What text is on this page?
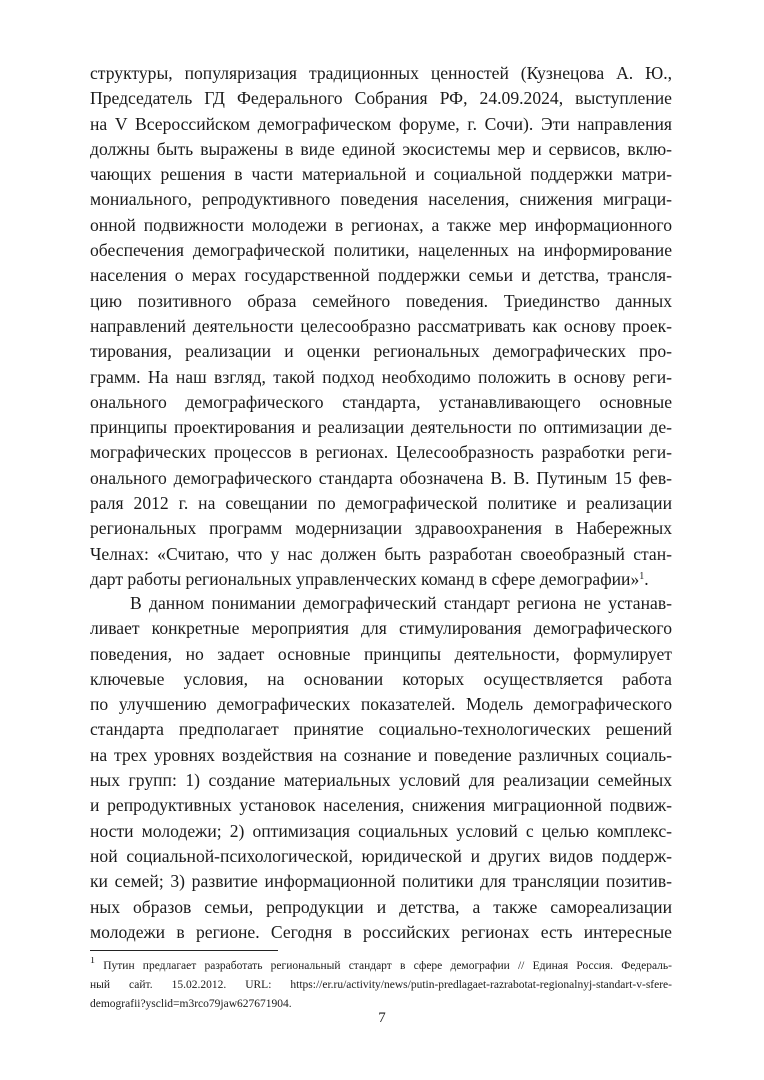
структуры, популяризация традиционных ценностей (Кузнецова А. Ю.,
Председатель ГД Федерального Собрания РФ, 24.09.2024, выступление
на V Всероссийском демографическом форуме, г. Сочи). Эти направления
должны быть выражены в виде единой экосистемы мер и сервисов, вклю-
чающих решения в части материальной и социальной поддержки матри-
мониального, репродуктивного поведения населения, снижения миграци-
онной подвижности молодежи в регионах, а также мер информационного
обеспечения демографической политики, нацеленных на информирование
населения о мерах государственной поддержки семьи и детства, трансля-
цию позитивного образа семейного поведения. Триединство данных
направлений деятельности целесообразно рассматривать как основу проек-
тирования, реализации и оценки региональных демографических про-
грамм. На наш взгляд, такой подход необходимо положить в основу реги-
онального демографического стандарта, устанавливающего основные
принципы проектирования и реализации деятельности по оптимизации де-
мографических процессов в регионах. Целесообразность разработки реги-
онального демографического стандарта обозначена В. В. Путиным 15 фев-
раля 2012 г. на совещании по демографической политике и реализации
региональных программ модернизации здравоохранения в Набережных
Челнах: «Считаю, что у нас должен быть разработан своеобразный стан-
дарт работы региональных управленческих команд в сфере демографии»$^1$.
В данном понимании демографический стандарт региона не устанав-
ливает конкретные мероприятия для стимулирования демографического
поведения, но задает основные принципы деятельности, формулирует
ключевые условия, на основании которых осуществляется работа
по улучшению демографических показателей. Модель демографического
стандарта предполагает принятие социально-технологических решений
на трех уровнях воздействия на сознание и поведение различных социаль-
ных групп: 1) создание материальных условий для реализации семейных
и репродуктивных установок населения, снижения миграционной подвиж-
ности молодежи; 2) оптимизация социальных условий с целью комплекс-
ной социальной-психологической, юридической и других видов поддерж-
ки семей; 3) развитие информационной политики для трансляции позитив-
ных образов семьи, репродукции и детства, а также самореализации
молодежи в регионе. Сегодня в российских регионах есть интересные
$^1$ Путин предлагает разработать региональный стандарт в сфере демографии // Единая Россия. Федераль-
ный сайт. 15.02.2012. URL: https://er.ru/activity/news/putin-predlagaet-razrabotat-regionalnyj-standart-v-sfere-
demografii?ysclid=m3rco79jaw627671904.
7
